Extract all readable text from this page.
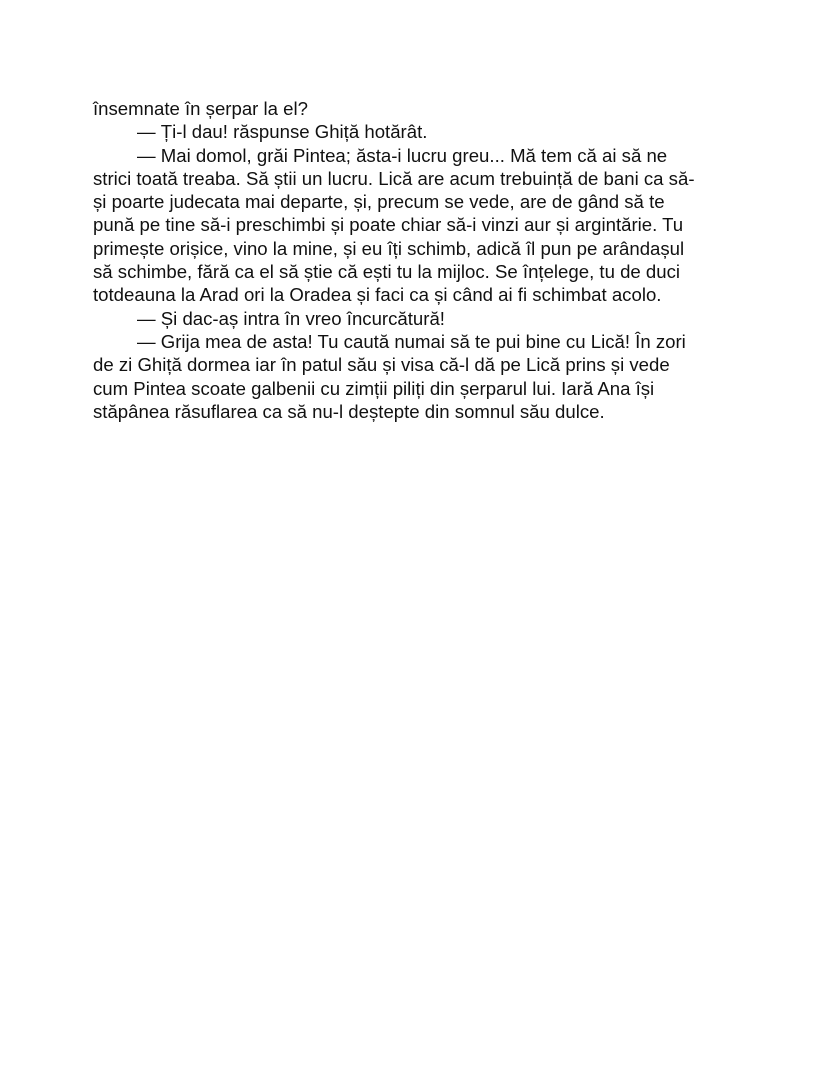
însemnate în șerpar la el?
— Ți-l dau! răspunse Ghiță hotărât.
— Mai domol, grăi Pintea; ăsta-i lucru greu... Mă tem că ai să ne
strici toată treaba. Să știi un lucru. Lică are acum trebuință de bani ca să-
și poarte judecata mai departe, și, precum se vede, are de gând să te
pună pe tine să-i preschimbi și poate chiar să-i vinzi aur și argintărie. Tu
primește orișice, vino la mine, și eu îți schimb, adică îl pun pe arândașul
să schimbe, fără ca el să știe că ești tu la mijloc. Se înțelege, tu de duci
totdeauna la Arad ori la Oradea și faci ca și când ai fi schimbat acolo.
— Și dac-aș intra în vreo încurcătură!
— Grija mea de asta! Tu caută numai să te pui bine cu Lică! În zori
de zi Ghiță dormea iar în patul său și visa că-l dă pe Lică prins și vede
cum Pintea scoate galbenii cu zimții piliți din șerparul lui. Iară Ana își
stăpânea răsuflarea ca să nu-l deștepte din somnul său dulce.
